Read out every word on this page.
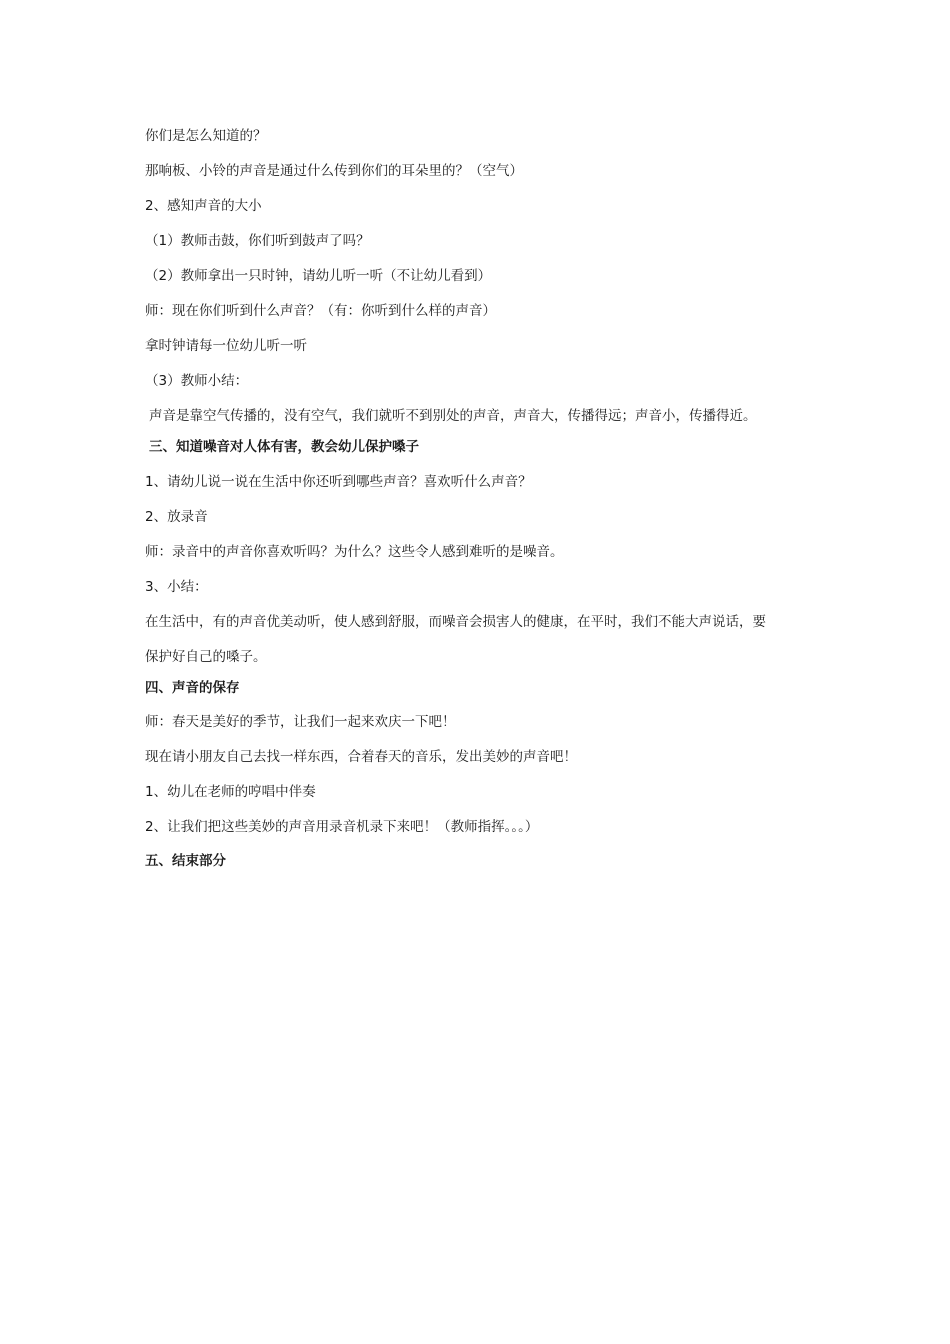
你们是怎么知道的？
那响板、小铃的声音是通过什么传到你们的耳朵里的？（空气）
2、感知声音的大小
（1）教师击鼓，你们听到鼓声了吗？
（2）教师拿出一只时钟，请幼儿听一听（不让幼儿看到）
师：现在你们听到什么声音？（有：你听到什么样的声音）
拿时钟请每一位幼儿听一听
（3）教师小结：
声音是靠空气传播的，没有空气，我们就听不到别处的声音，声音大，传播得远；声音小，传播得近。
三、知道噪音对人体有害，教会幼儿保护嗓子
1、请幼儿说一说在生活中你还听到哪些声音？喜欢听什么声音？
2、放录音
师：录音中的声音你喜欢听吗？为什么？这些令人感到难听的是噪音。
3、小结：
在生活中，有的声音优美动听，使人感到舒服，而噪音会损害人的健康，在平时，我们不能大声说话，要
保护好自己的嗓子。
四、声音的保存
师：春天是美好的季节，让我们一起来欢庆一下吧！
现在请小朋友自己去找一样东西，合着春天的音乐，发出美妙的声音吧！
1、幼儿在老师的哼唱中伴奏
2、让我们把这些美妙的声音用录音机录下来吧！（教师指挥。。。）
五、结束部分
